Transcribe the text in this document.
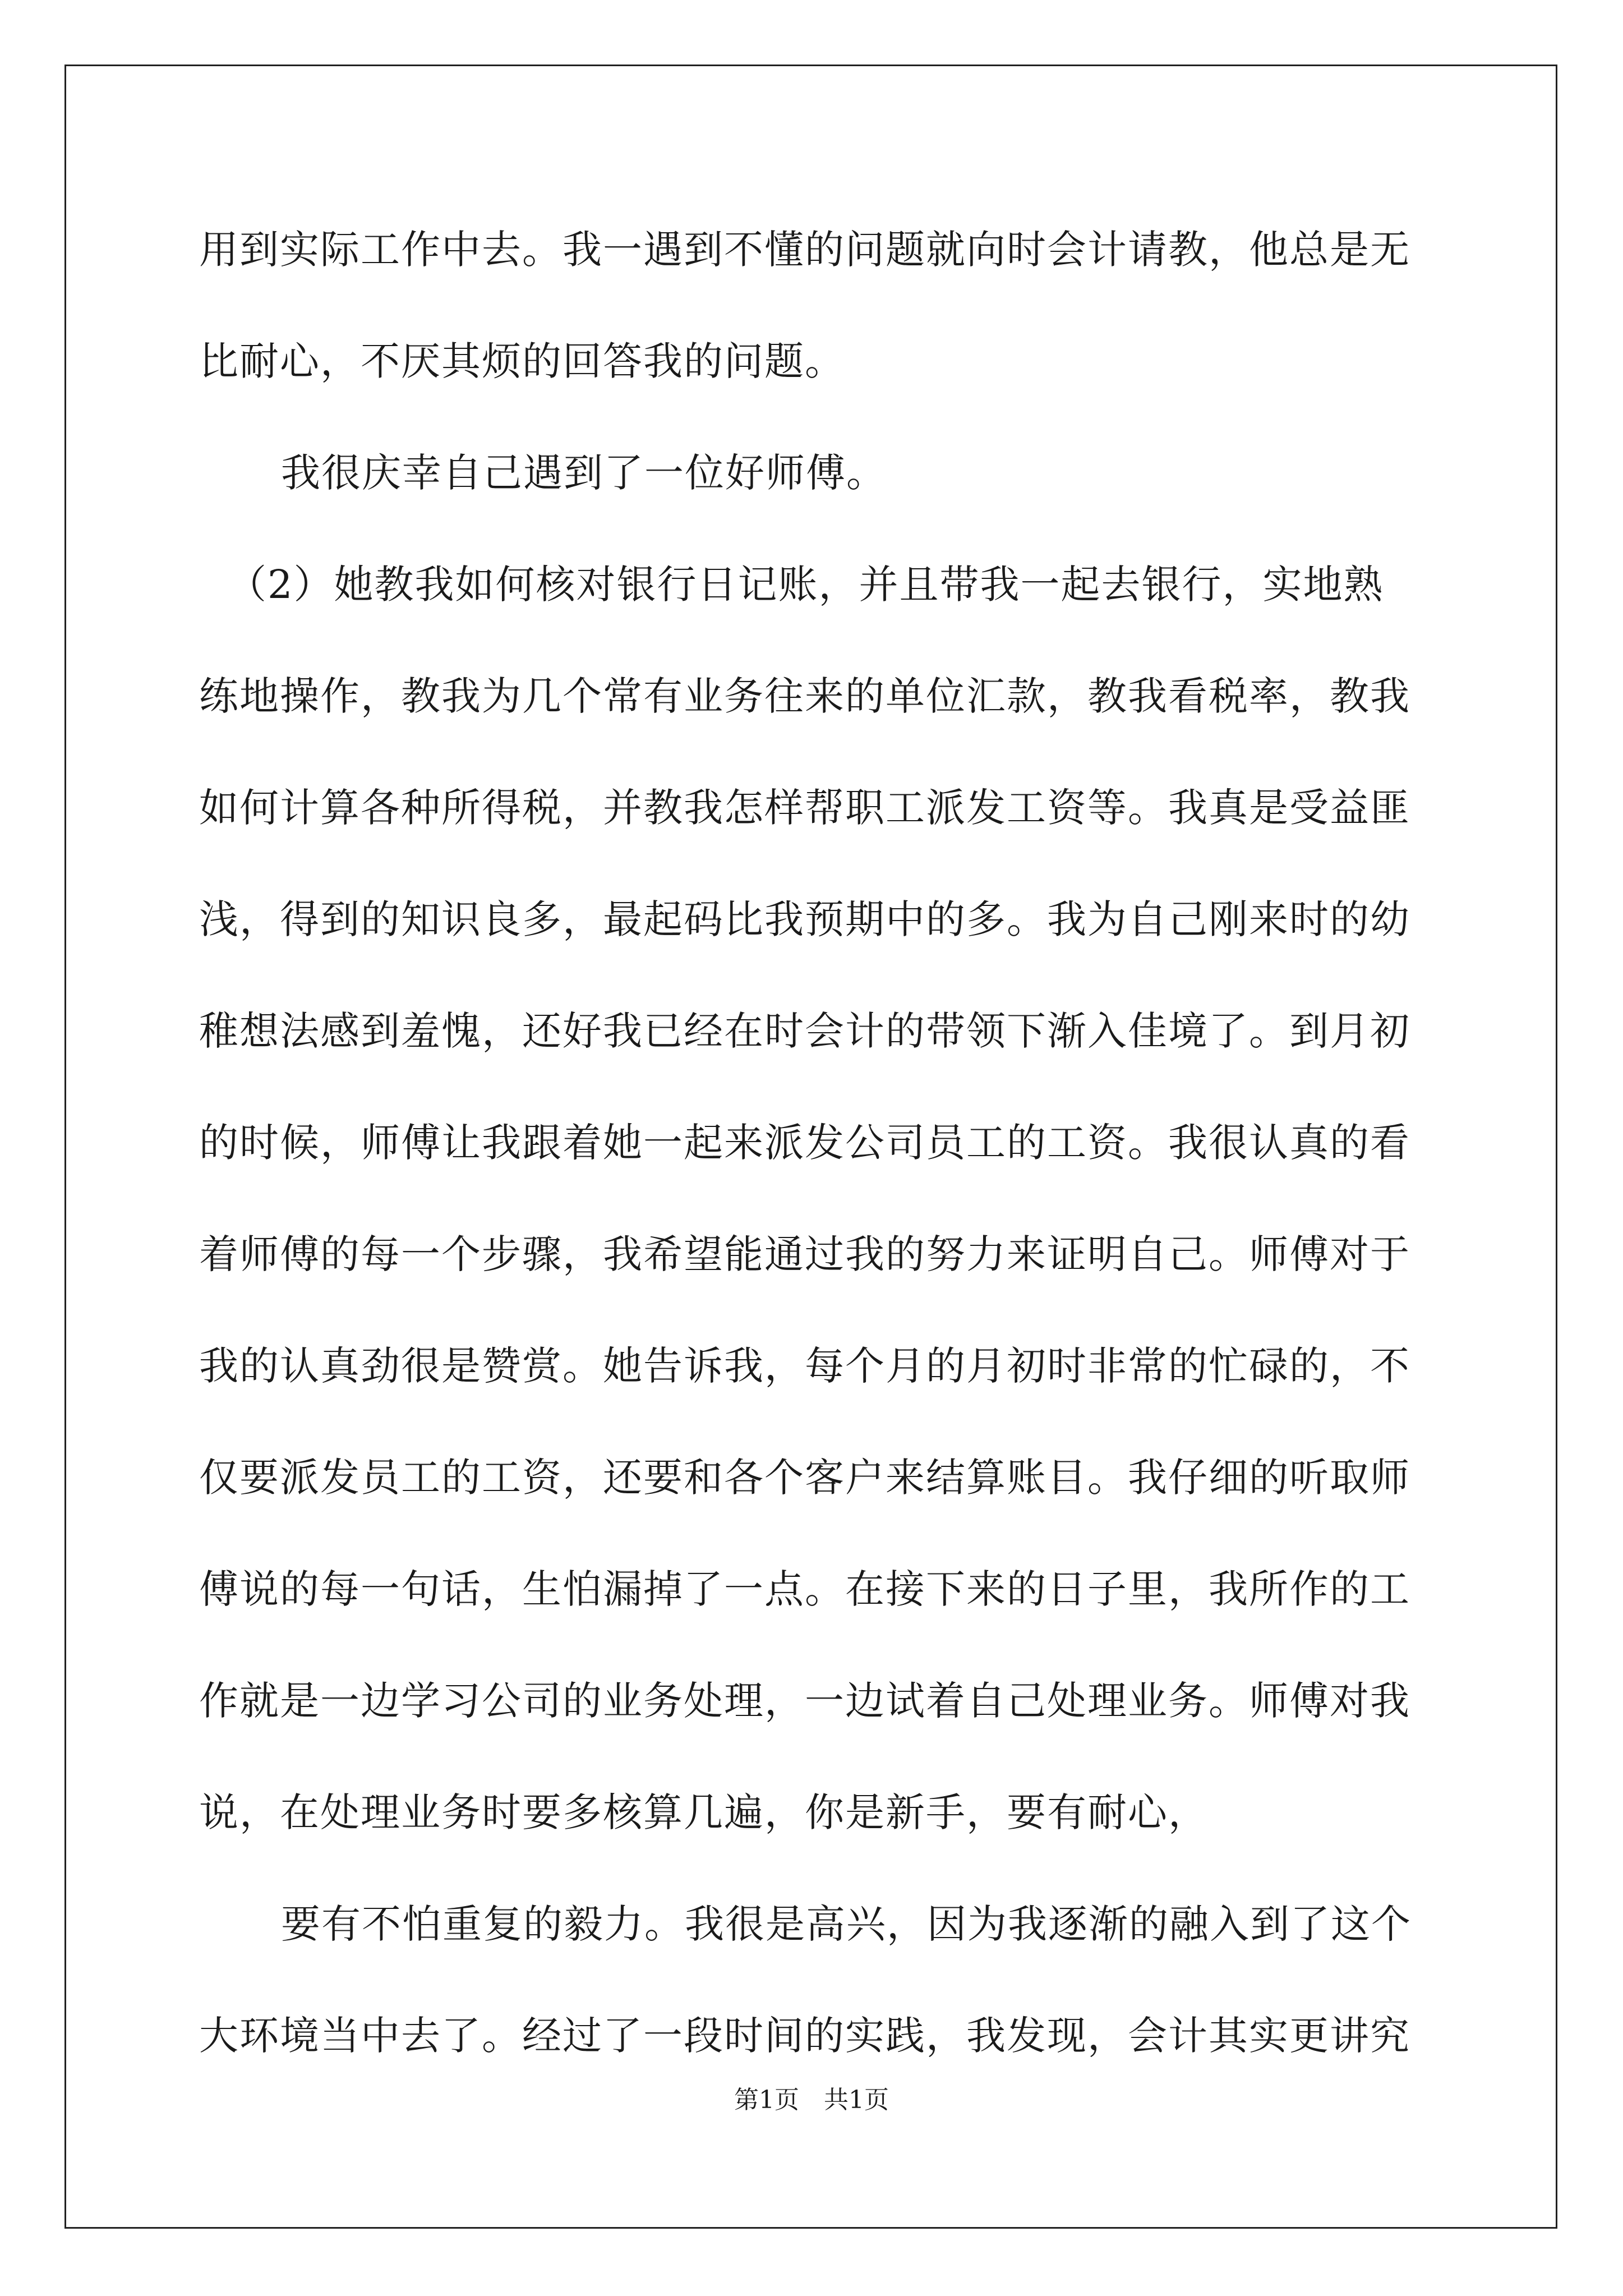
用到实际工作中去。我一遇到不懂的问题就向时会计请教，他总是无
比耐心，不厌其烦的回答我的问题。
我很庆幸自己遇到了一位好师傅。
（2）她教我如何核对银行日记账，并且带我一起去银行，实地熟
练地操作，教我为几个常有业务往来的单位汇款，教我看税率，教我
如何计算各种所得税，并教我怎样帮职工派发工资等。我真是受益匪
浅，得到的知识良多，最起码比我预期中的多。我为自己刚来时的幼
稚想法感到羞愧，还好我已经在时会计的带领下渐入佳境了。到月初
的时候，师傅让我跟着她一起来派发公司员工的工资。我很认真的看
着师傅的每一个步骤，我希望能通过我的努力来证明自己。师傅对于
我的认真劲很是赞赏。她告诉我，每个月的月初时非常的忙碌的，不
仅要派发员工的工资，还要和各个客户来结算账目。我仔细的听取师
傅说的每一句话，生怕漏掉了一点。在接下来的日子里，我所作的工
作就是一边学习公司的业务处理，一边试着自己处理业务。师傅对我
说，在处理业务时要多核算几遍，你是新手，要有耐心，
要有不怕重复的毅力。我很是高兴，因为我逐渐的融入到了这个
大环境当中去了。经过了一段时间的实践，我发现，会计其实更讲究
第1页　共1页
